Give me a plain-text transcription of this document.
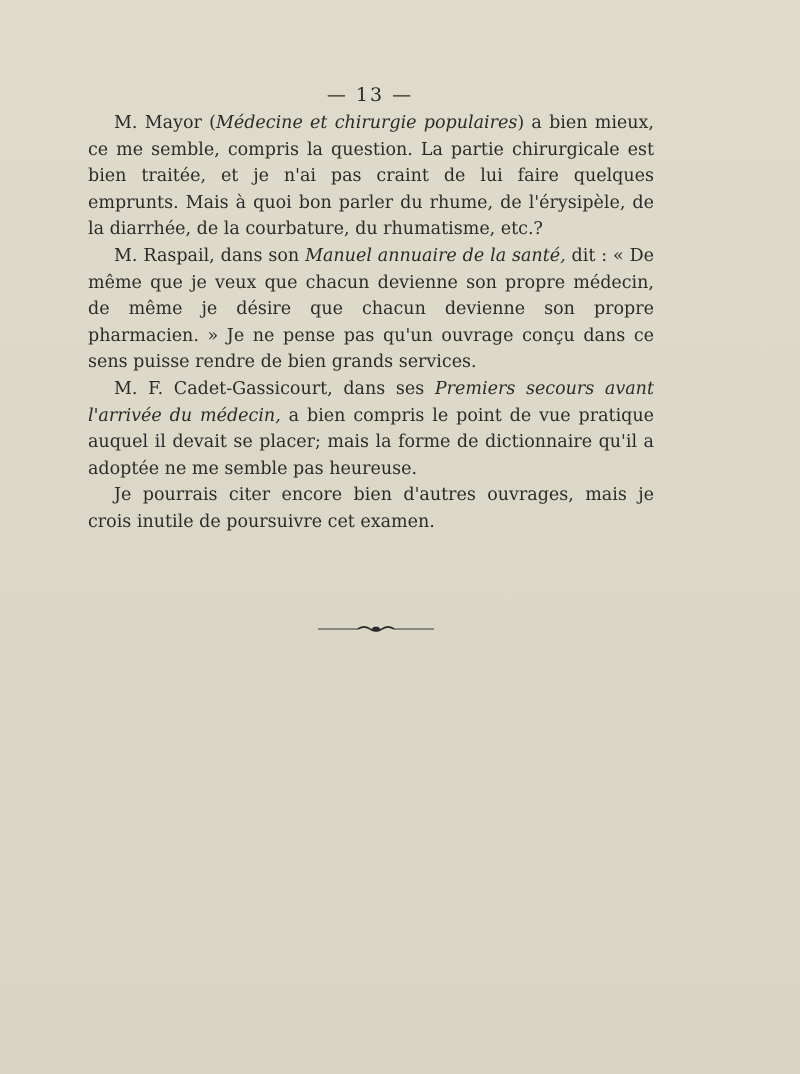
— 13 —

M. Mayor (Médecine et chirurgie populaires) a bien mieux, ce me semble, compris la question. La partie chirurgicale est bien traitée, et je n'ai pas craint de lui faire quelques emprunts. Mais à quoi bon parler du rhume, de l'érysipèle, de la diarrhée, de la courbature, du rhumatisme, etc.?

M. Raspail, dans son Manuel annuaire de la santé, dit : « De même que je veux que chacun devienne son propre médecin, de même je désire que chacun devienne son propre pharmacien. » Je ne pense pas qu'un ouvrage conçu dans ce sens puisse rendre de bien grands services.

M. F. Cadet-Gassicourt, dans ses Premiers secours avant l'arrivée du médecin, a bien compris le point de vue pratique auquel il devait se placer; mais la forme de dictionnaire qu'il a adoptée ne me semble pas heureuse.

Je pourrais citer encore bien d'autres ouvrages, mais je crois inutile de poursuivre cet examen.
